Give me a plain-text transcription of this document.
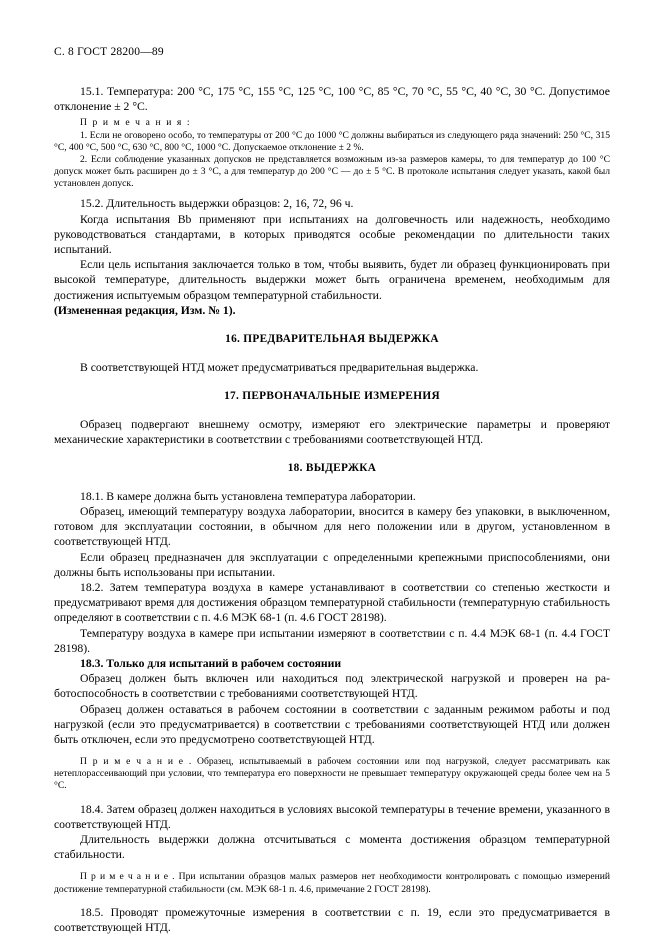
С. 8 ГОСТ 28200—89

15.1. Температура: 200 °С, 175 °С, 155 °С, 125 °С, 100 °С, 85 °С, 70 °С, 55 °С, 40 °С, 30 °С. Допустимое отклонение ± 2 °С.

П р и м е ч а н и я :

1. Если не оговорено особо, то температуры от 200 °С до 1000 °С должны выбираться из следующего ряда значений: 250 °С, 315 °С, 400 °С, 500 °С, 630 °С, 800 °С, 1000 °С. Допускаемое отклонение ± 2 %.

2. Если соблюдение указанных допусков не представляется возможным из-за размеров камеры, то для температур до 100 °С допуск может быть расширен до ± 3 °С, а для температур до 200 °С — до ± 5 °С. В протоколе испытания следует указать, какой был установлен допуск.

15.2. Длительность выдержки образцов: 2, 16, 72, 96 ч.

Когда испытания Bb применяют при испытаниях на долговечность или надежность, необходимо руководствоваться стандартами, в которых приводятся особые рекомендации по длительности таких испытаний.

Если цель испытания заключается только в том, чтобы выявить, будет ли образец функционировать при высокой температуре, длительность выдержки может быть ограничена временем, необходимым для достижения испытуемым образцом температурной стабильности.

(Измененная редакция, Изм. № 1).

16. ПРЕДВАРИТЕЛЬНАЯ ВЫДЕРЖКА

В соответствующей НТД может предусматриваться предварительная выдержка.

17. ПЕРВОНАЧАЛЬНЫЕ ИЗМЕРЕНИЯ

Образец подвергают внешнему осмотру, измеряют его электрические параметры и проверяют механические характеристики в соответствии с требованиями соответствующей НТД.

18. ВЫДЕРЖКА

18.1. В камере должна быть установлена температура лаборатории.

Образец, имеющий температуру воздуха лаборатории, вносится в камеру без упаковки, в выключенном, готовом для эксплуатации состоянии, в обычном для него положении или в другом, установленном в соответствующей НТД.

Если образец предназначен для эксплуатации с определенными крепежными приспособлениями, они должны быть использованы при испытании.

18.2. Затем температура воздуха в камере устанавливают в соответствии со степенью жесткости и предусматривают время для достижения образцом температурной стабильности (температурную стабильность определяют в соответствии с п. 4.6 МЭК 68-1 (п. 4.6 ГОСТ 28198).

Температуру воздуха в камере при испытании измеряют в соответствии с п. 4.4 МЭК 68-1 (п. 4.4 ГОСТ 28198).

18.3. Только для испытаний в рабочем состоянии

Образец должен быть включен или находиться под электрической нагрузкой и проверен на работоспособность в соответствии с требованиями соответствующей НТД.

Образец должен оставаться в рабочем состоянии в соответствии с заданным режимом работы и под нагрузкой (если это предусматривается) в соответствии с требованиями соответствующей НТД или должен быть отключен, если это предусмотрено соответствующей НТД.

П р и м е ч а н и е . Образец, испытываемый в рабочем состоянии или под нагрузкой, следует рассматривать как нетеплорассеивающий при условии, что температура его поверхности не превышает температуру окружающей среды более чем на 5 °С.

18.4. Затем образец должен находиться в условиях высокой температуры в течение времени, указанного в соответствующей НТД.

Длительность выдержки должна отсчитываться с момента достижения образцом температурной стабильности.

П р и м е ч а н и е . При испытании образцов малых размеров нет необходимости контролировать с помощью измерений достижение температурной стабильности (см. МЭК 68-1 п. 4.6, примечание 2 ГОСТ 28198).

18.5. Проводят промежуточные измерения в соответствии с п. 19, если это предусматривается в соответствующей НТД.
